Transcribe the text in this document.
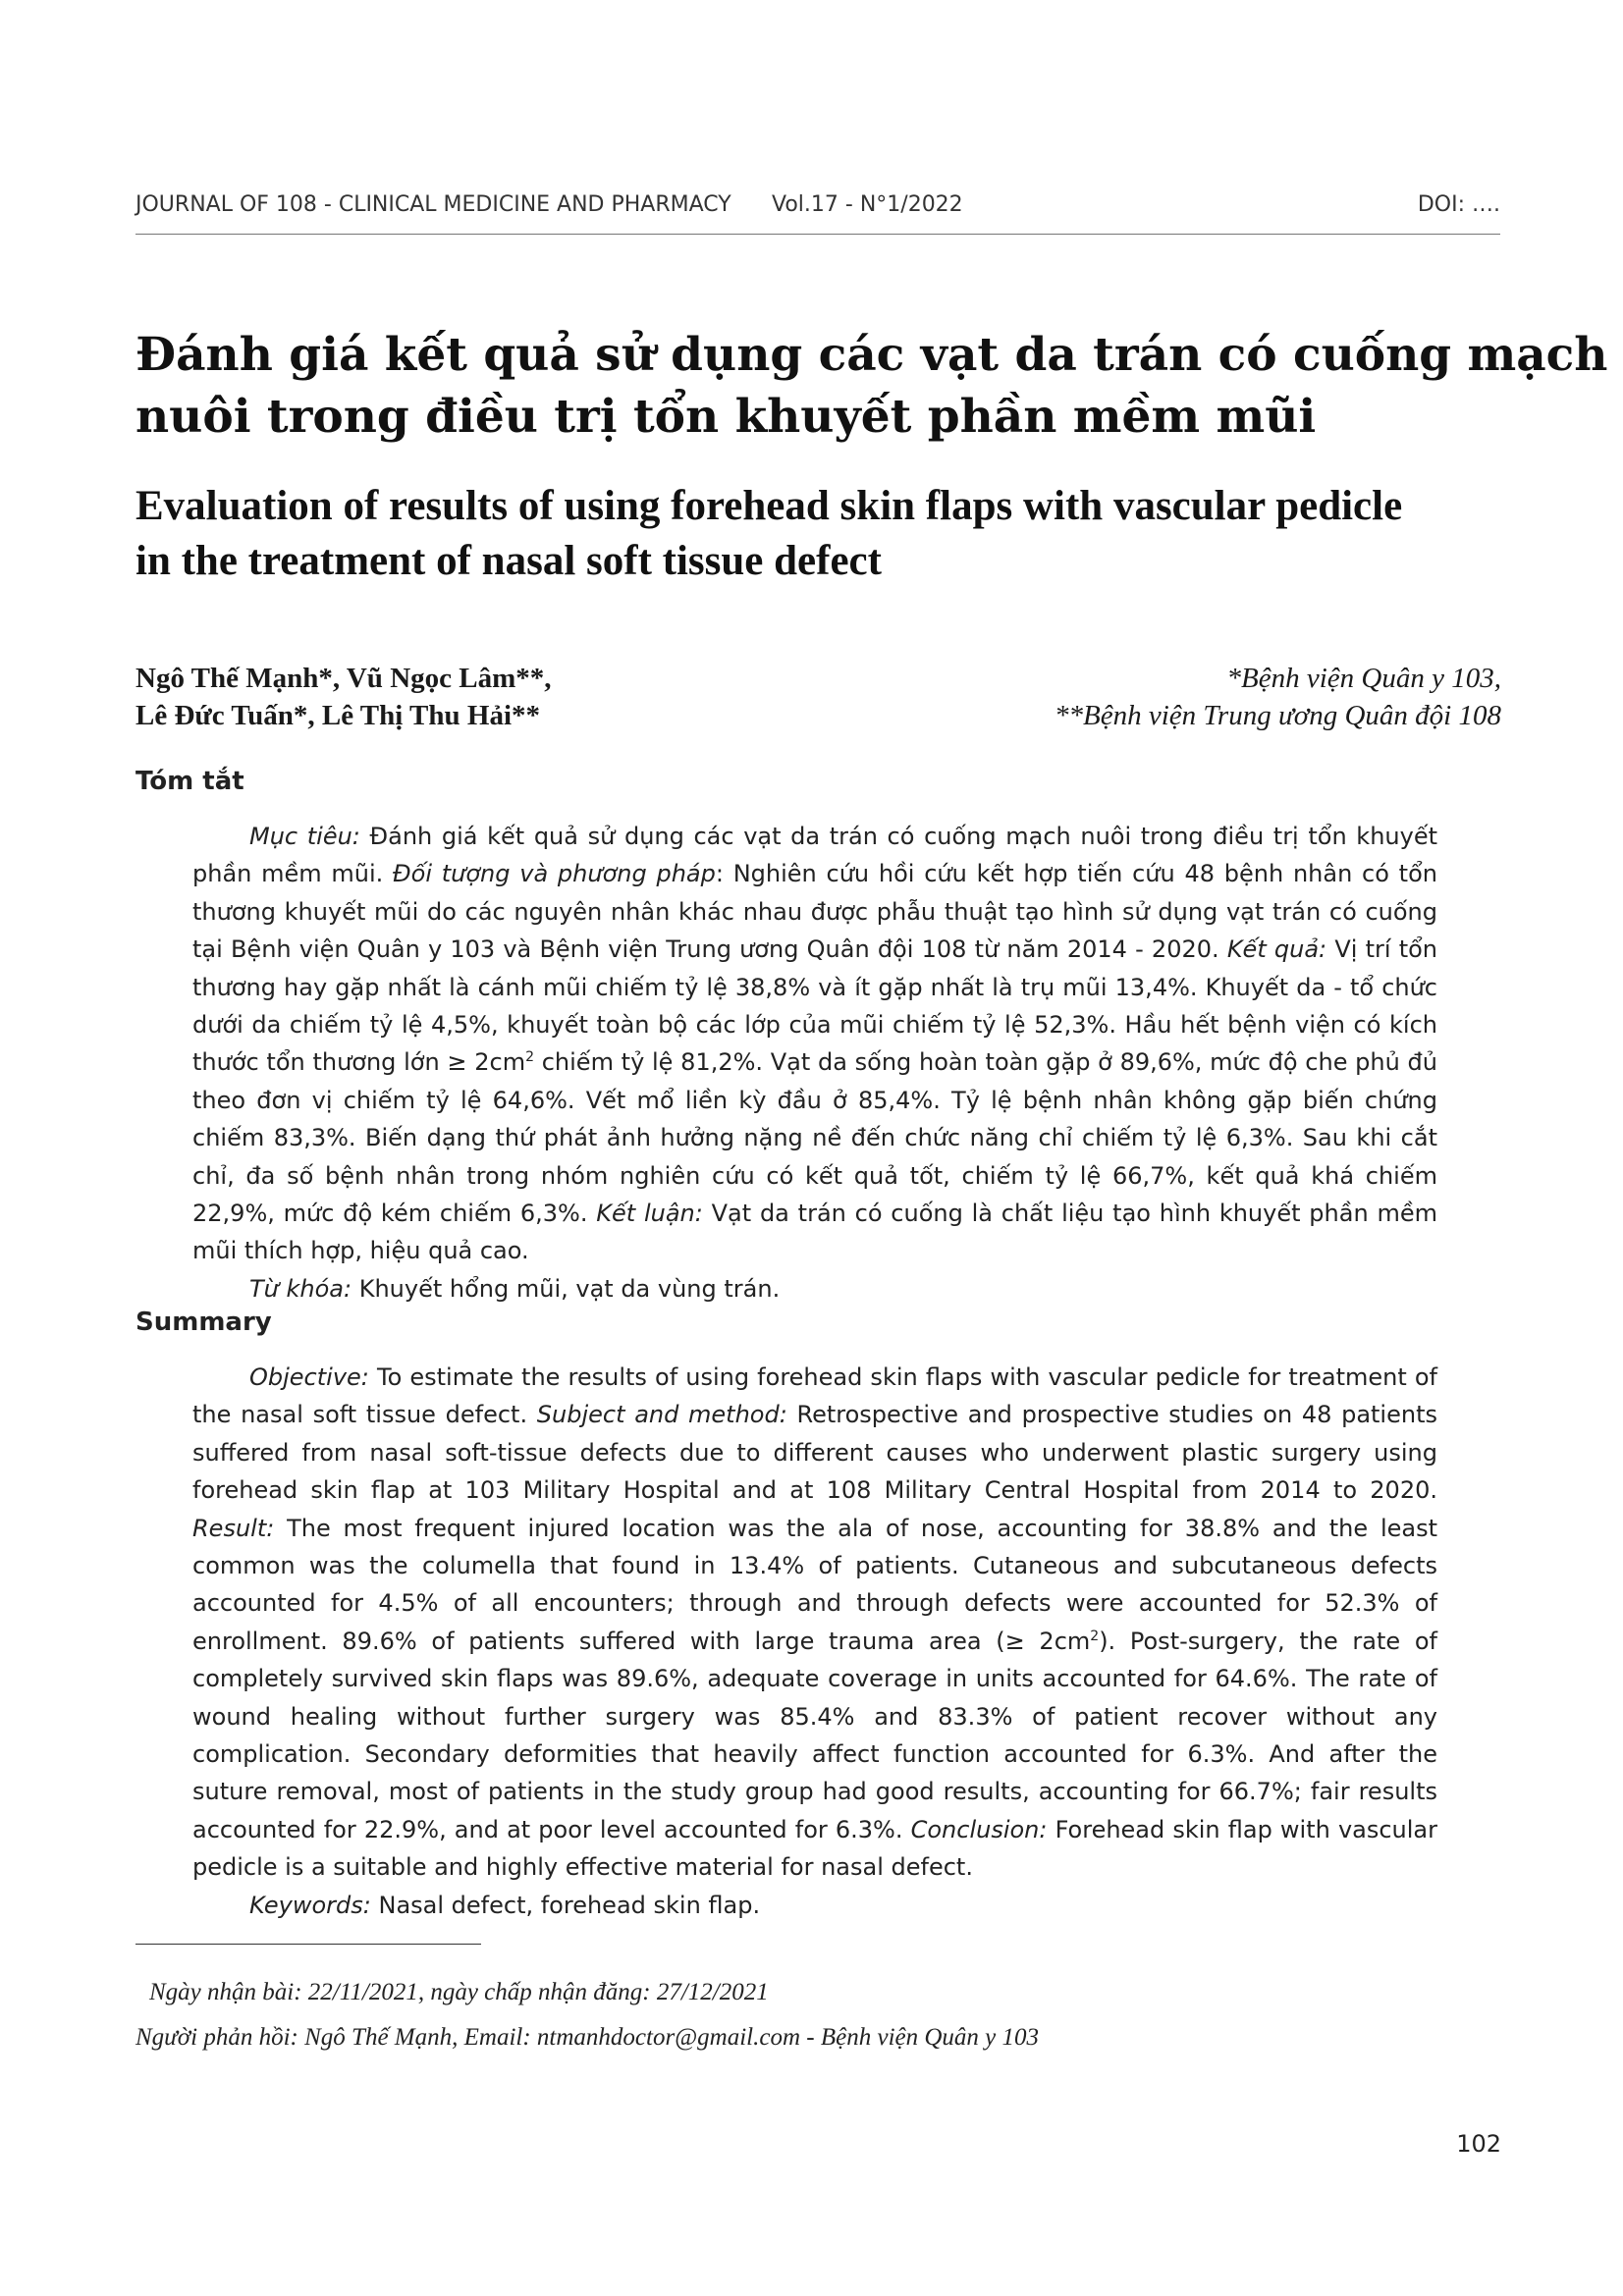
JOURNAL OF 108 - CLINICAL MEDICINE AND PHARMACY Vol.17 - N°1/2022	DOI: ….
Đánh giá kết quả sử dụng các vạt da trán có cuống mạch
nuôi trong điều trị tổn khuyết phần mềm mũi
Evaluation of results of using forehead skin flaps with vascular pedicle
in the treatment of nasal soft tissue defect
Ngô Thế Mạnh*, Vũ Ngọc Lâm**,
Lê Đức Tuấn*, Lê Thị Thu Hải**
*Bệnh viện Quân y 103,
**Bệnh viện Trung ương Quân đội 108
Tóm tắt

Mục tiêu: Đánh giá kết quả sử dụng các vạt da trán có cuống mạch nuôi trong điều trị tổn khuyết phần mềm mũi. Đối tượng và phương pháp: Nghiên cứu hồi cứu kết hợp tiến cứu 48 bệnh nhân có tổn thương khuyết mũi do các nguyên nhân khác nhau được phẫu thuật tạo hình sử dụng vạt trán có cuống tại Bệnh viện Quân y 103 và Bệnh viện Trung ương Quân đội 108 từ năm 2014 - 2020. Kết quả: Vị trí tổn thương hay gặp nhất là cánh mũi chiếm tỷ lệ 38,8% và ít gặp nhất là trụ mũi 13,4%. Khuyết da - tổ chức dưới da chiếm tỷ lệ 4,5%, khuyết toàn bộ các lớp của mũi chiếm tỷ lệ 52,3%. Hầu hết bệnh viện có kích thước tổn thương lớn ≥ $2cm^2$ chiếm tỷ lệ 81,2%. Vạt da sống hoàn toàn gặp ở 89,6%, mức độ che phủ đủ theo đơn vị chiếm tỷ lệ 64,6%. Vết mổ liền kỳ đầu ở 85,4%. Tỷ lệ bệnh nhân không gặp biến chứng chiếm 83,3%. Biến dạng thứ phát ảnh hưởng nặng nề đến chức năng chỉ chiếm tỷ lệ 6,3%. Sau khi cắt chỉ, đa số bệnh nhân trong nhóm nghiên cứu có kết quả tốt, chiếm tỷ lệ 66,7%, kết quả khá chiếm 22,9%, mức độ kém chiếm 6,3%. Kết luận: Vạt da trán có cuống là chất liệu tạo hình khuyết phần mềm mũi thích hợp, hiệu quả cao.

Từ khóa: Khuyết hổng mũi, vạt da vùng trán.

Summary

Objective: To estimate the results of using forehead skin flaps with vascular pedicle for treatment of the nasal soft tissue defect. Subject and method: Retrospective and prospective studies on 48 patients suffered from nasal soft-tissue defects due to different causes who underwent plastic surgery using forehead skin flap at 103 Military Hospital and at 108 Military Central Hospital from 2014 to 2020. Result: The most frequent injured location was the ala of nose, accounting for 38.8% and the least common was the columella that found in 13.4% of patients. Cutaneous and subcutaneous defects accounted for 4.5% of all encounters; through and through defects were accounted for 52.3% of enrollment. 89.6% of patients suffered with large trauma area (≥ $2cm^2$). Post-surgery, the rate of completely survived skin flaps was 89.6%, adequate coverage in units accounted for 64.6%. The rate of wound healing without further surgery was 85.4% and 83.3% of patient recover without any complication. Secondary deformities that heavily affect function accounted for 6.3%. And after the suture removal, most of patients in the study group had good results, accounting for 66.7%; fair results accounted for 22.9%, and at poor level accounted for 6.3%. Conclusion: Forehead skin flap with vascular pedicle is a suitable and highly effective material for nasal defect.

Keywords: Nasal defect, forehead skin flap.

Ngày nhận bài: 22/11/2021, ngày chấp nhận đăng: 27/12/2021
Người phản hồi: Ngô Thế Mạnh, Email: ntmanhdoctor@gmail.com - Bệnh viện Quân y 103
102
